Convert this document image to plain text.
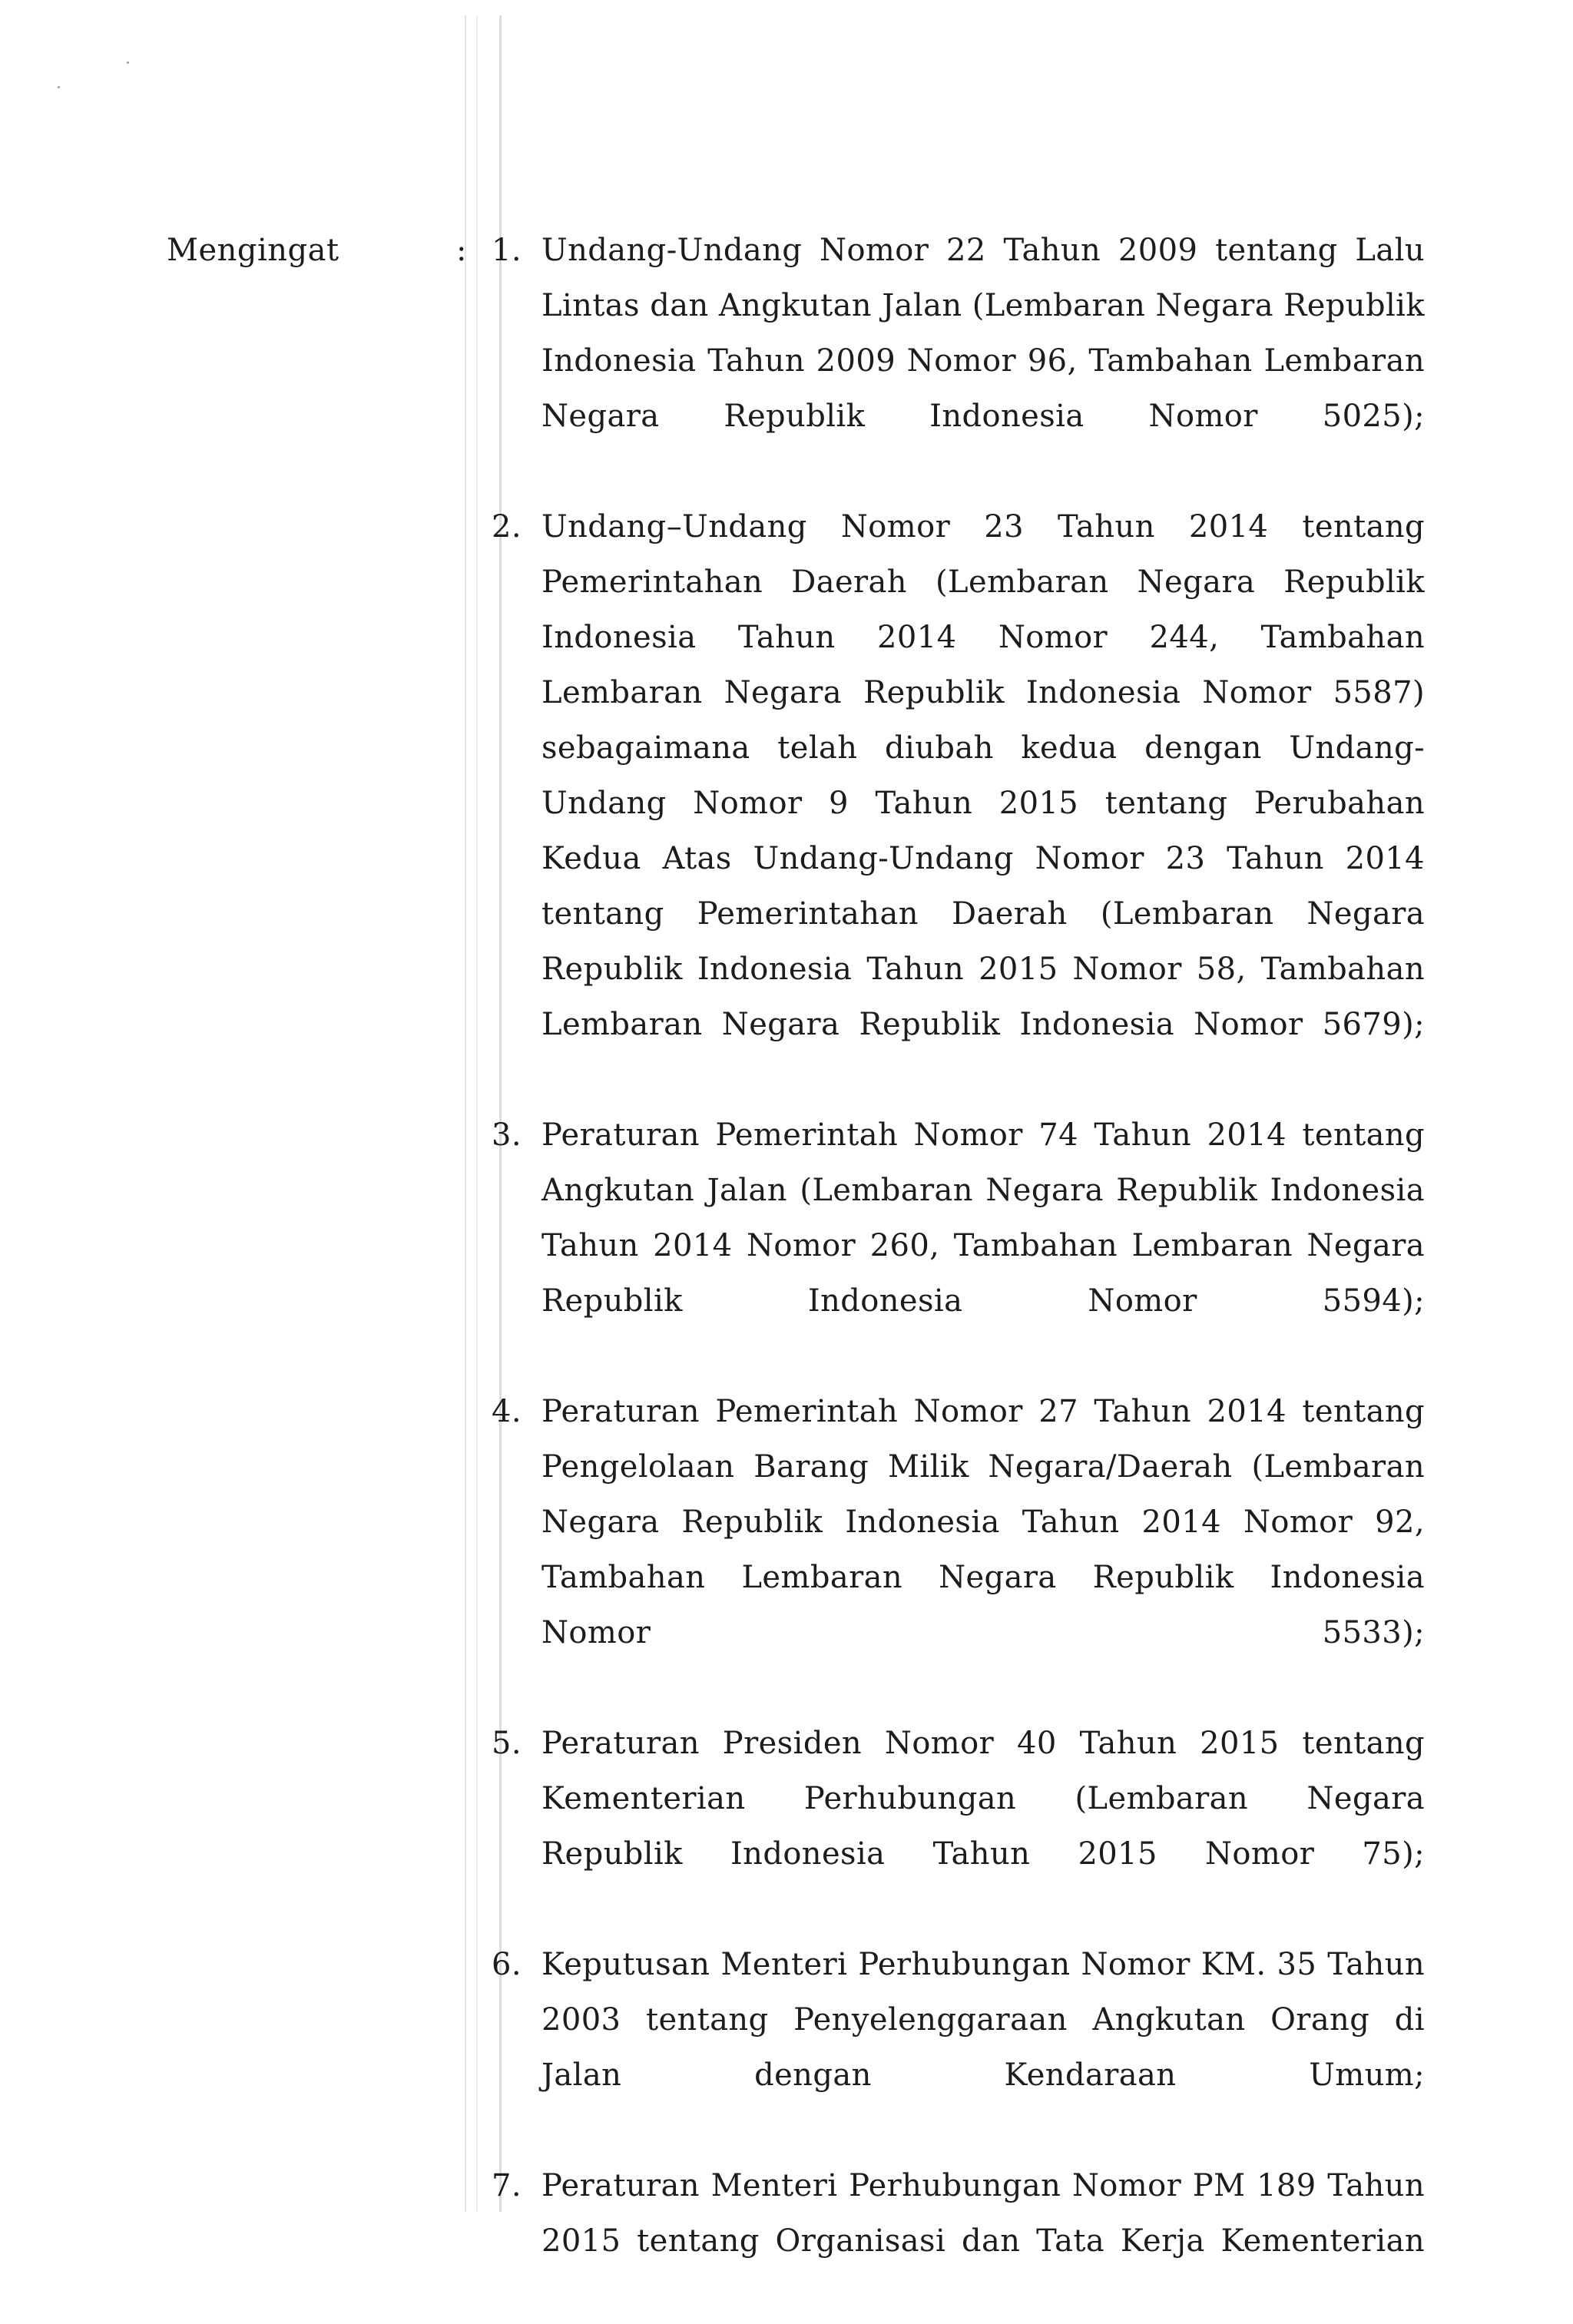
Mengingat	: 1. Undang-Undang Nomor 22 Tahun 2009 tentang Lalu Lintas dan Angkutan Jalan (Lembaran Negara Republik Indonesia Tahun 2009 Nomor 96, Tambahan Lembaran Negara Republik Indonesia Nomor 5025);
2. Undang–Undang Nomor 23 Tahun 2014 tentang Pemerintahan Daerah (Lembaran Negara Republik Indonesia Tahun 2014 Nomor 244, Tambahan Lembaran Negara Republik Indonesia Nomor 5587) sebagaimana telah diubah kedua dengan Undang-Undang Nomor 9 Tahun 2015 tentang Perubahan Kedua Atas Undang-Undang Nomor 23 Tahun 2014 tentang Pemerintahan Daerah (Lembaran Negara Republik Indonesia Tahun 2015 Nomor 58, Tambahan Lembaran Negara Republik Indonesia Nomor 5679);
3. Peraturan Pemerintah Nomor 74 Tahun 2014 tentang Angkutan Jalan (Lembaran Negara Republik Indonesia Tahun 2014 Nomor 260, Tambahan Lembaran Negara Republik Indonesia Nomor 5594);
4. Peraturan Pemerintah Nomor 27 Tahun 2014 tentang Pengelolaan Barang Milik Negara/Daerah (Lembaran Negara Republik Indonesia Tahun 2014 Nomor 92, Tambahan Lembaran Negara Republik Indonesia Nomor 5533);
5. Peraturan Presiden Nomor 40 Tahun 2015 tentang Kementerian Perhubungan (Lembaran Negara Republik Indonesia Tahun 2015 Nomor 75);
6. Keputusan Menteri Perhubungan Nomor KM. 35 Tahun 2003 tentang Penyelenggaraan Angkutan Orang di Jalan dengan Kendaraan Umum;
7. Peraturan Menteri Perhubungan Nomor PM 189 Tahun 2015 tentang Organisasi dan Tata Kerja Kementerian
